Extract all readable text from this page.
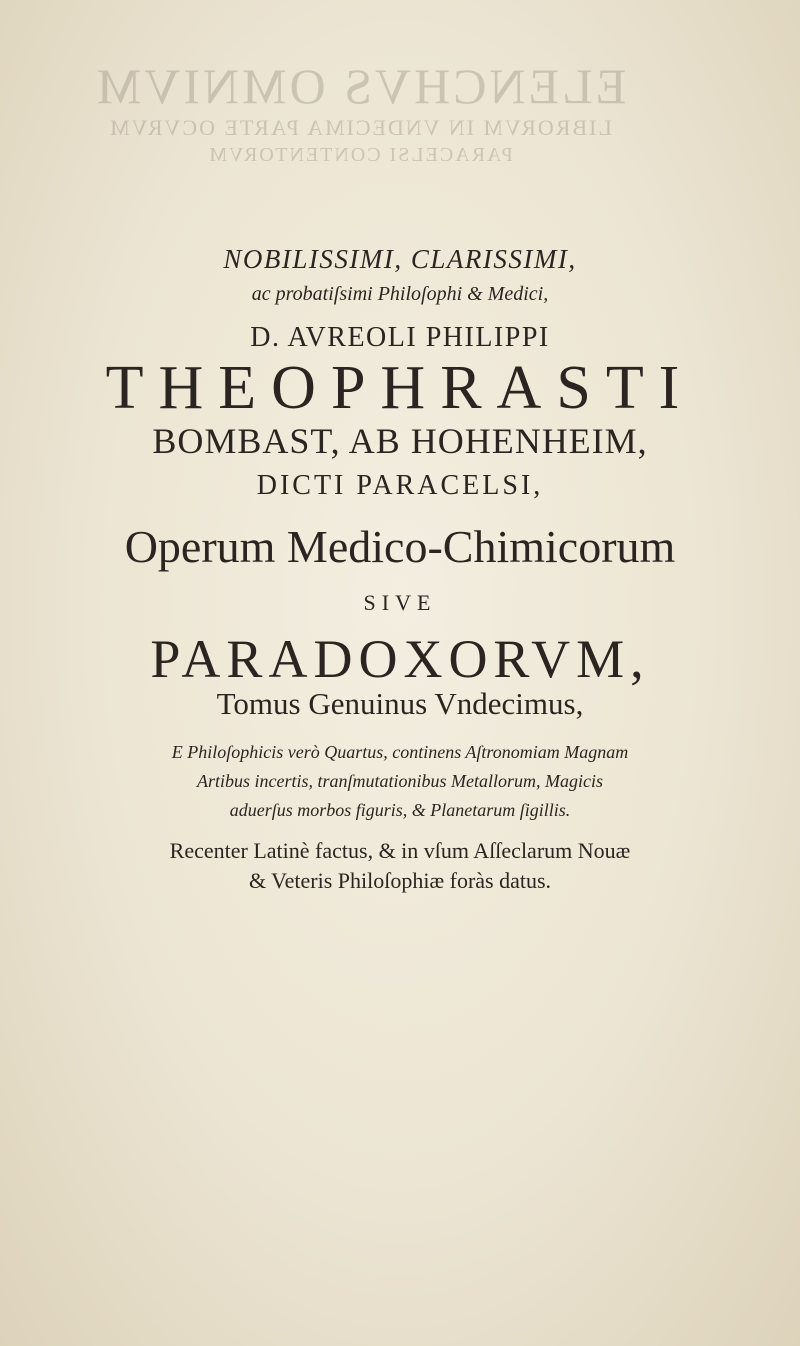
ELENCHVS OMNIVM
LIBRORVM IN VNDECIMA PARTE OCVRVM
PARACELSI CONTENTORVM
NOBILISSIMI, CLARISSIMI,
ac probatiſsimi Philoſophi & Medici,
D. AVREOLI PHILIPPI
THEOPHRASTI
BOMBAST, AB HOHENHEIM,
DICTI PARACELSI,
Operum Medico-Chimicorum
SIVE
PARADOXORVM,
Tomus Genuinus Vndecimus,
E Philoſophicis verò Quartus, continens Aſtronomiam Magnam
Artibus incertis, tranſmutationibus Metallorum, Magicis
aduerſus morbos figuris, & Planetarum ſigillis.
Recenter Latinè factus, & in vſum Aſſeclarum Nouæ
& Veteris Philoſophiæ foràs datus.
